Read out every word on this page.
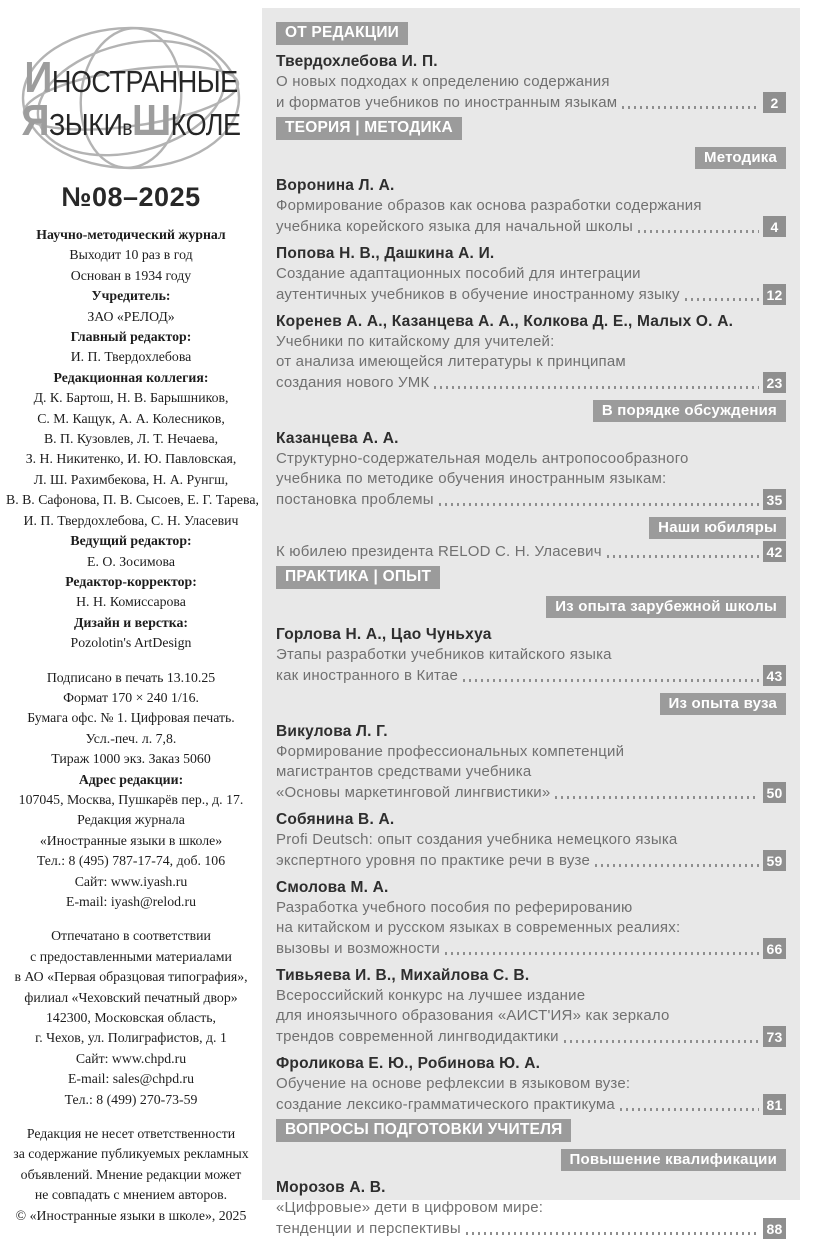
ИНОСТРАННЫЕ
ЯЗЫКИвШКОЛЕ
№08–2025
Научно-методический журнал
Выходит 10 раз в год
Основан в 1934 году
Учредитель:
ЗАО «РЕЛОД»
Главный редактор:
И. П. Твердохлебова
Редакционная коллегия:
Д. К. Бартош, Н. В. Барышников,
С. М. Кащук, А. А. Колесников,
В. П. Кузовлев, Л. Т. Нечаева,
З. Н. Никитенко, И. Ю. Павловская,
Л. Ш. Рахимбекова, Н. А. Рунгш,
В. В. Сафонова, П. В. Сысоев, Е. Г. Тарева,
И. П. Твердохлебова, С. Н. Уласевич
Ведущий редактор:
Е. О. Зосимова
Редактор-корректор:
Н. Н. Комиссарова
Дизайн и верстка:
Pozolotin's ArtDesign
Подписано в печать 13.10.25
Формат 170 × 240 1/16.
Бумага офс. № 1. Цифровая печать.
Усл.-печ. л. 7,8.
Тираж 1000 экз. Заказ 5060
Адрес редакции:
107045, Москва, Пушкарёв пер., д. 17.
Редакция журнала
«Иностранные языки в школе»
Тел.: 8 (495) 787-17-74, доб. 106
Сайт: www.iyash.ru
E-mail: iyash@relod.ru
Отпечатано в соответствии
с предоставленными материалами
в АО «Первая образцовая типография»,
филиал «Чеховский печатный двор»
142300, Московская область,
г. Чехов, ул. Полиграфистов, д. 1
Сайт: www.chpd.ru
E-mail: sales@chpd.ru
Тел.: 8 (499) 270-73-59
Редакция не несет ответственности
за содержание публикуемых рекламных
объявлений. Мнение редакции может
не совпадать с мнением авторов.
© «Иностранные языки в школе», 2025
ОТ РЕДАКЦИИ
Твердохлебова И. П.
О новых подходах к определению содержания
и форматов учебников по иностранным языкам	2
ТЕОРИЯ | МЕТОДИКА
Методика
Воронина Л. А.
Формирование образов как основа разработки содержания
учебника корейского языка для начальной школы	4
Попова Н. В., Дашкина А. И.
Создание адаптационных пособий для интеграции
аутентичных учебников в обучение иностранному языку	12
Коренев А. А., Казанцева А. А., Колкова Д. Е., Малых О. А.
Учебники по китайскому для учителей:
от анализа имеющейся литературы к принципам
создания нового УМК	23
В порядке обсуждения
Казанцева А. А.
Структурно-содержательная модель антропосообразного
учебника по методике обучения иностранным языкам:
постановка проблемы	35
Наши юбиляры
К юбилею президента RELOD С. Н. Уласевич	42
ПРАКТИКА | ОПЫТ
Из опыта зарубежной школы
Горлова Н. А., Цао Чуньхуа
Этапы разработки учебников китайского языка
как иностранного в Китае	43
Из опыта вуза
Викулова Л. Г.
Формирование профессиональных компетенций
магистрантов средствами учебника
«Основы маркетинговой лингвистики»	50
Собянина В. А.
Profi Deutsch: опыт создания учебника немецкого языка
экспертного уровня по практике речи в вузе	59
Смолова М. А.
Разработка учебного пособия по реферированию
на китайском и русском языках в современных реалиях:
вызовы и возможности	66
Тивьяева И. В., Михайлова С. В.
Всероссийский конкурс на лучшее издание
для иноязычного образования «АИСТ'ИЯ» как зеркало
трендов современной лингводидактики	73
Фроликова Е. Ю., Робинова Ю. А.
Обучение на основе рефлексии в языковом вузе:
создание лексико-грамматического практикума	81
ВОПРОСЫ ПОДГОТОВКИ УЧИТЕЛЯ
Повышение квалификации
Морозов А. В.
«Цифровые» дети в цифровом мире:
тенденции и перспективы	88
